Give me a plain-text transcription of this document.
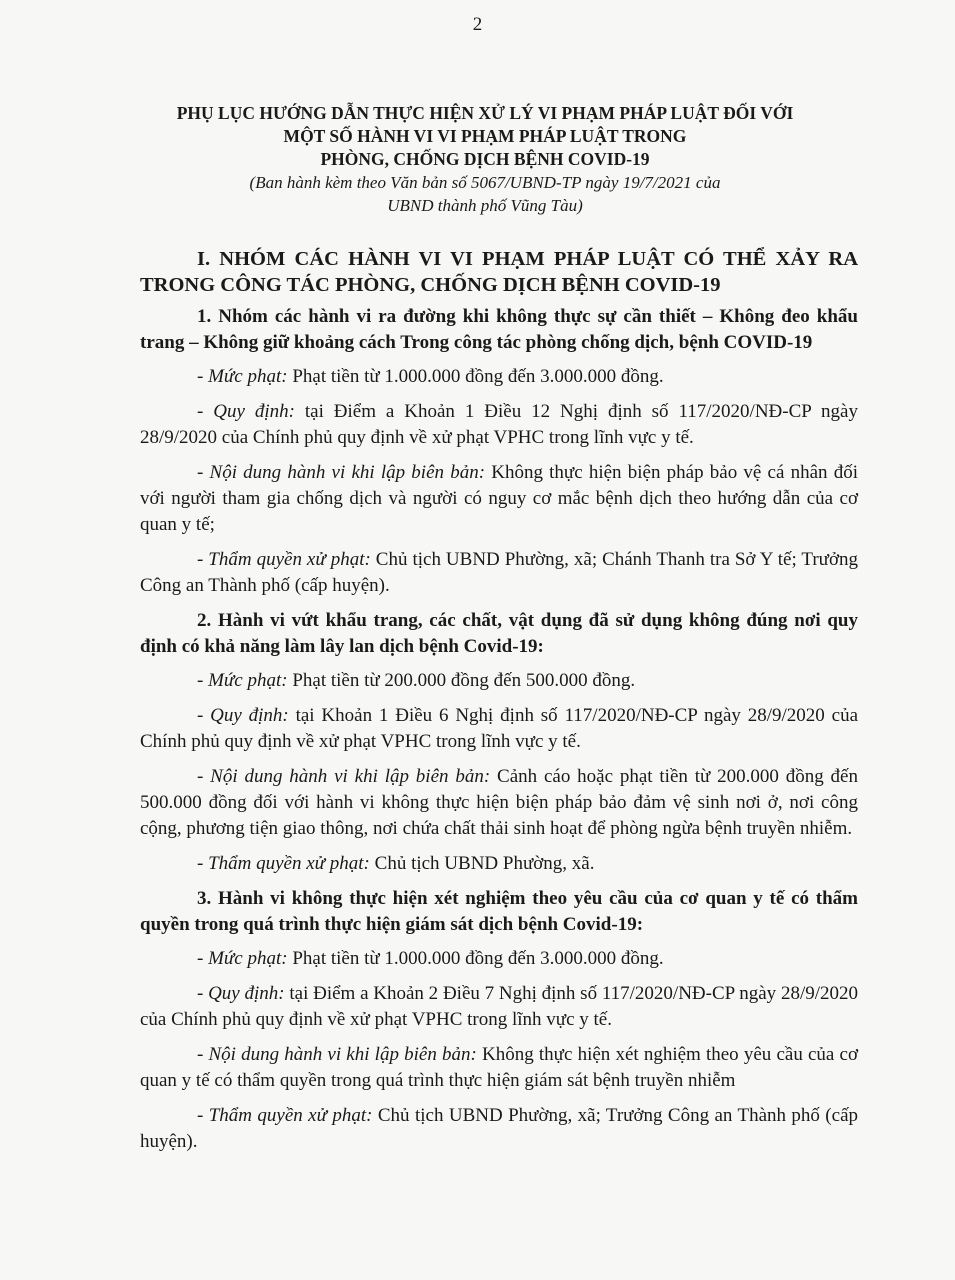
2

PHỤ LỤC HƯỚNG DẪN THỰC HIỆN XỬ LÝ VI PHẠM PHÁP LUẬT ĐỐI VỚI

MỘT SỐ HÀNH VI VI PHẠM PHÁP LUẬT TRONG

PHÒNG, CHỐNG DỊCH BỆNH COVID-19

(Ban hành kèm theo Văn bản số 5067/UBND-TP ngày 19/7/2021 của

UBND thành phố Vũng Tàu)

I. NHÓM CÁC HÀNH VI VI PHẠM PHÁP LUẬT CÓ THỂ XẢY RA TRONG CÔNG TÁC PHÒNG, CHỐNG DỊCH BỆNH COVID-19

1. Nhóm các hành vi ra đường khi không thực sự cần thiết – Không đeo khẩu trang – Không giữ khoảng cách Trong công tác phòng chống dịch, bệnh COVID-19

- Mức phạt: Phạt tiền từ 1.000.000 đồng đến 3.000.000 đồng.

- Quy định: tại Điểm a Khoản 1 Điều 12 Nghị định số 117/2020/NĐ-CP ngày 28/9/2020 của Chính phủ quy định về xử phạt VPHC trong lĩnh vực y tế.

- Nội dung hành vi khi lập biên bản: Không thực hiện biện pháp bảo vệ cá nhân đối với người tham gia chống dịch và người có nguy cơ mắc bệnh dịch theo hướng dẫn của cơ quan y tế;

- Thẩm quyền xử phạt: Chủ tịch UBND Phường, xã; Chánh Thanh tra Sở Y tế; Trưởng Công an Thành phố (cấp huyện).

2. Hành vi vứt khẩu trang, các chất, vật dụng đã sử dụng không đúng nơi quy định có khả năng làm lây lan dịch bệnh Covid-19:

- Mức phạt: Phạt tiền từ 200.000 đồng đến 500.000 đồng.

- Quy định: tại Khoản 1 Điều 6 Nghị định số 117/2020/NĐ-CP ngày 28/9/2020 của Chính phủ quy định về xử phạt VPHC trong lĩnh vực y tế.

- Nội dung hành vi khi lập biên bản: Cảnh cáo hoặc phạt tiền từ 200.000 đồng đến 500.000 đồng đối với hành vi không thực hiện biện pháp bảo đảm vệ sinh nơi ở, nơi công cộng, phương tiện giao thông, nơi chứa chất thải sinh hoạt để phòng ngừa bệnh truyền nhiễm.

- Thẩm quyền xử phạt: Chủ tịch UBND Phường, xã.

3. Hành vi không thực hiện xét nghiệm theo yêu cầu của cơ quan y tế có thẩm quyền trong quá trình thực hiện giám sát dịch bệnh Covid-19:

- Mức phạt: Phạt tiền từ 1.000.000 đồng đến 3.000.000 đồng.

- Quy định: tại Điểm a Khoản 2 Điều 7 Nghị định số 117/2020/NĐ-CP ngày 28/9/2020 của Chính phủ quy định về xử phạt VPHC trong lĩnh vực y tế.

- Nội dung hành vi khi lập biên bản: Không thực hiện xét nghiệm theo yêu cầu của cơ quan y tế có thẩm quyền trong quá trình thực hiện giám sát bệnh truyền nhiễm

- Thẩm quyền xử phạt: Chủ tịch UBND Phường, xã; Trưởng Công an Thành phố (cấp huyện).
